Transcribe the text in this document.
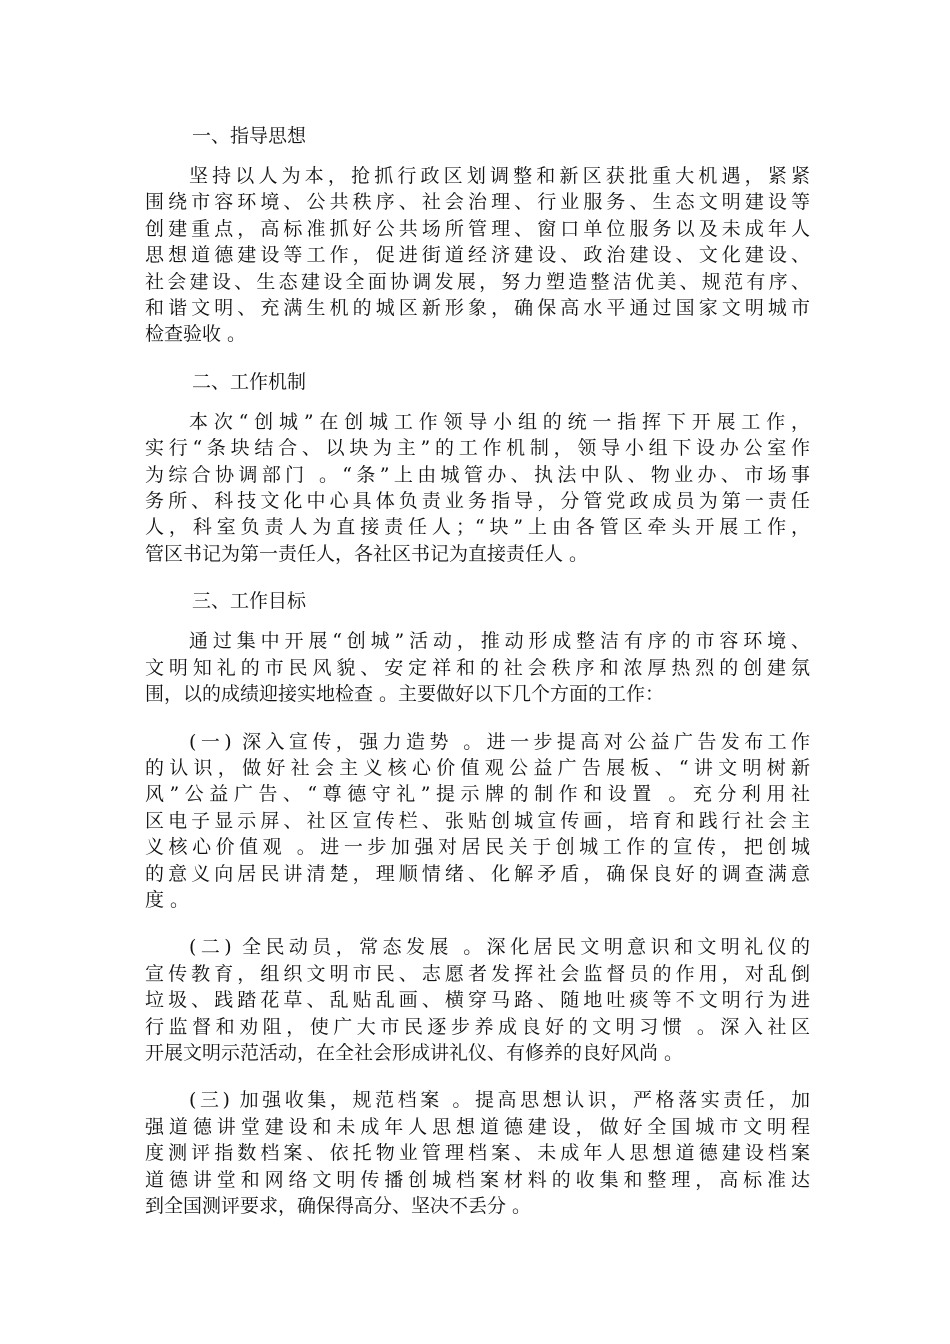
一、指导思想
坚持以人为本，抢抓行政区划调整和新区获批重大机遇，紧紧
围绕市容环境、公共秩序、社会治理、行业服务、生态文明建设等
创建重点，高标准抓好公共场所管理、窗口单位服务以及未成年人
思想道德建设等工作，促进街道经济建设、政治建设、文化建设、
社会建设、生态建设全面协调发展，努力塑造整洁优美、规范有序、
和谐文明、充满生机的城区新形象，确保高水平通过国家文明城市
检查验收 。
二、工作机制
本次“创城”在创城工作领导小组的统一指挥下开展工作，
实行“条块结合、以块为主”的工作机制，领导小组下设办公室作
为综合协调部门 。“条”上由城管办、执法中队、物业办、市场事
务所、科技文化中心具体负责业务指导，分管党政成员为第一责任
人，科室负责人为直接责任人；“块”上由各管区牵头开展工作，
管区书记为第一责任人，各社区书记为直接责任人 。
三、工作目标
通过集中开展“创城”活动，推动形成整洁有序的市容环境、
文明知礼的市民风貌、安定祥和的社会秩序和浓厚热烈的创建氛
围，以的成绩迎接实地检查 。主要做好以下几个方面的工作：
(一) 深入宣传，强力造势 。进一步提高对公益广告发布工作
的认识，做好社会主义核心价值观公益广告展板、“讲文明树新
风”公益广告、“尊德守礼”提示牌的制作和设置 。充分利用社
区电子显示屏、社区宣传栏、张贴创城宣传画，培育和践行社会主
义核心价值观 。进一步加强对居民关于创城工作的宣传，把创城
的意义向居民讲清楚，理顺情绪、化解矛盾，确保良好的调查满意
度 。
(二) 全民动员，常态发展 。深化居民文明意识和文明礼仪的
宣传教育，组织文明市民、志愿者发挥社会监督员的作用，对乱倒
垃圾、践踏花草、乱贴乱画、横穿马路、随地吐痰等不文明行为进
行监督和劝阻，使广大市民逐步养成良好的文明习惯 。深入社区
开展文明示范活动，在全社会形成讲礼仪、有修养的良好风尚 。
(三) 加强收集，规范档案 。提高思想认识，严格落实责任，加
强道德讲堂建设和未成年人思想道德建设，做好全国城市文明程
度测评指数档案、依托物业管理档案、未成年人思想道德建设档案
道德讲堂和网络文明传播创城档案材料的收集和整理，高标准达
到全国测评要求，确保得高分、坚决不丢分 。
